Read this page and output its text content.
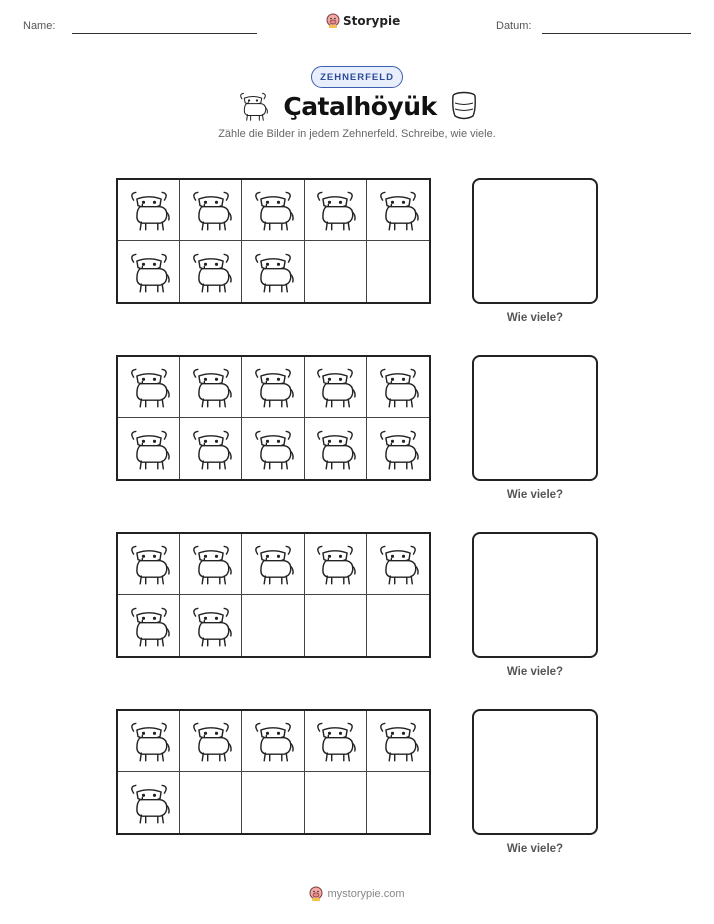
Name:	Storypie	Datum:
ZEHNERFELD
Çatalhöyük
Zähle die Bilder in jedem Zehnerfeld. Schreibe, wie viele.
Wie viele?
Wie viele?
Wie viele?
Wie viele?
mystorypie.com
